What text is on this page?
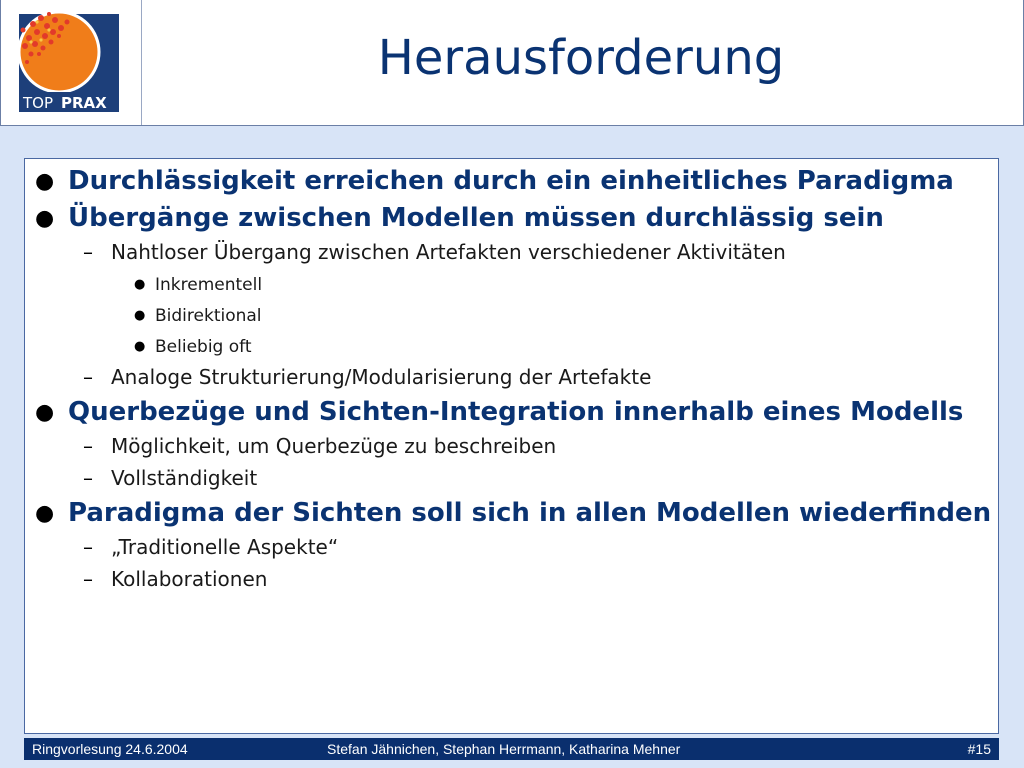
TOP PRAX
Herausforderung
● Durchlässigkeit erreichen durch ein einheitliches Paradigma
● Übergänge zwischen Modellen müssen durchlässig sein
– Nahtloser Übergang zwischen Artefakten verschiedener Aktivitäten
● Inkrementell
● Bidirektional
● Beliebig oft
– Analoge Strukturierung/Modularisierung der Artefakte
● Querbezüge und Sichten-Integration innerhalb eines Modells
– Möglichkeit, um Querbezüge zu beschreiben
– Vollständigkeit
● Paradigma der Sichten soll sich in allen Modellen wiederfinden
– „Traditionelle Aspekte“
– Kollaborationen
Ringvorlesung 24.6.2004	Stefan Jähnichen, Stephan Herrmann, Katharina Mehner	#15
